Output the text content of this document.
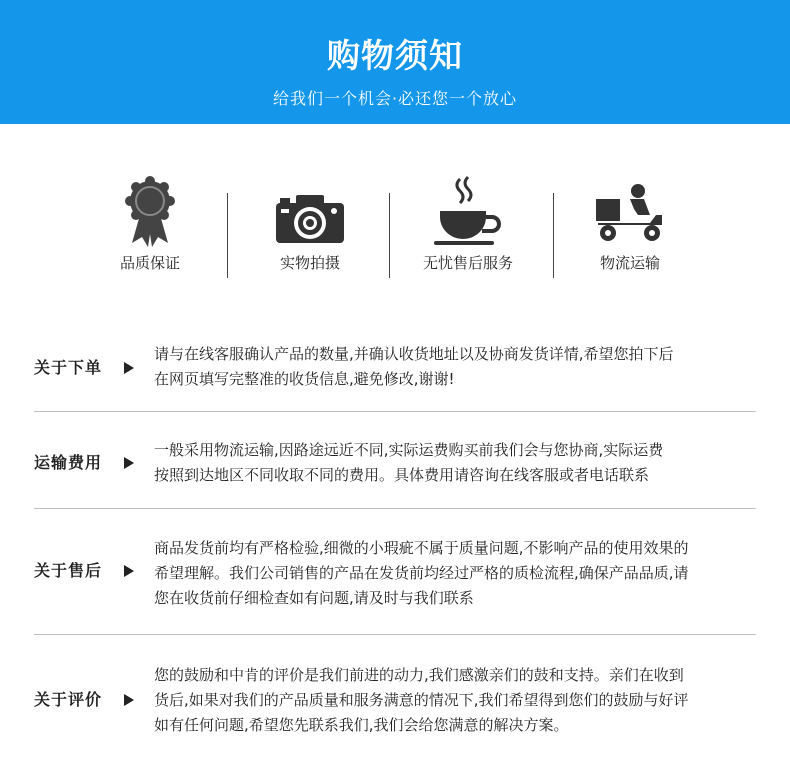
购物须知
给我们一个机会·必还您一个放心
品质保证	实物拍摄	无忧售后服务	物流运输
关于下单
请与在线客服确认产品的数量,并确认收货地址以及协商发货详情,希望您拍下后
在网页填写完整准的收货信息,避免修改,谢谢!
运输费用
一般采用物流运输,因路途远近不同,实际运费购买前我们会与您协商,实际运费
按照到达地区不同收取不同的费用。具体费用请咨询在线客服或者电话联系
关于售后
商品发货前均有严格检验,细微的小瑕疵不属于质量问题,不影响产品的使用效果的
希望理解。我们公司销售的产品在发货前均经过严格的质检流程,确保产品品质,请
您在收货前仔细检查如有问题,请及时与我们联系
关于评价
您的鼓励和中肯的评价是我们前进的动力,我们感激亲们的鼓和支持。亲们在收到
货后,如果对我们的产品质量和服务满意的情况下,我们希望得到您们的鼓励与好评
如有任何问题,希望您先联系我们,我们会给您满意的解决方案。
